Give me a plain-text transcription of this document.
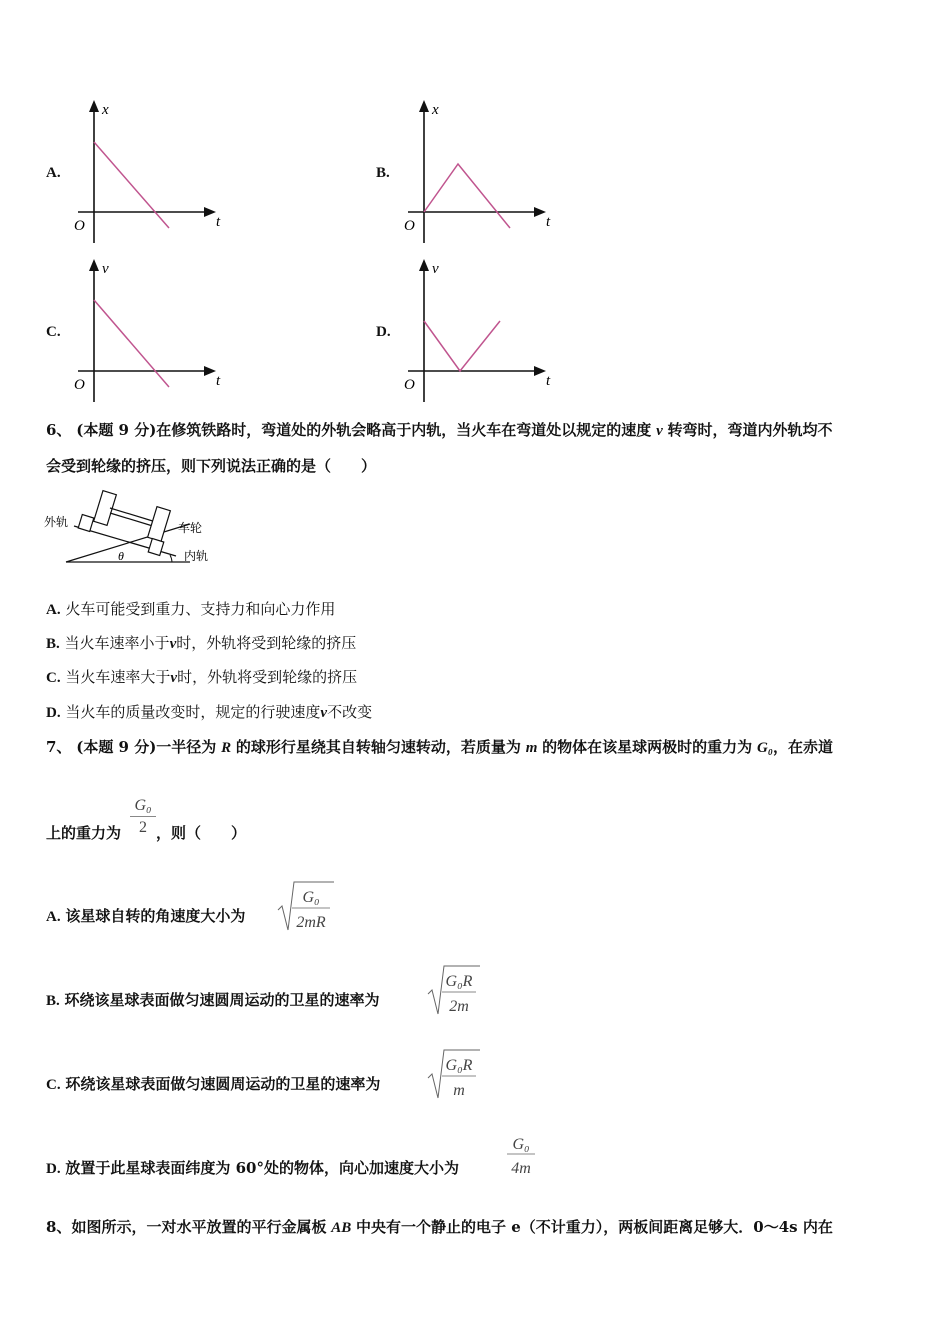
A.
x
t
O
B.
x
t
O
C.
v
t
O
D.
v
t
O
6、 (本题 9 分)在修筑铁路时，弯道处的外轨会略高于内轨，当火车在弯道处以规定的速度 v 转弯时，弯道内外轨均不
会受到轮缘的挤压，则下列说法正确的是（　　）
外轨	车轮
内轨
θ
A. 火车可能受到重力、支持力和向心力作用
B. 当火车速率小于v时，外轨将受到轮缘的挤压
C. 当火车速率大于v时，外轨将受到轮缘的挤压
D. 当火车的质量改变时，规定的行驶速度v不改变
7、 (本题 9 分)一半径为 R 的球形行星绕其自转轴匀速转动，若质量为 m 的物体在该星球两极时的重力为 G₀，在赤道
上的重力为 $\frac{\text{G₀}}{2}$ ，则（　　）
A. 该星球自转的角速度大小为
G₀
2mR
B. 环绕该星球表面做匀速圆周运动的卫星的速率为
G₀R
2m
C. 环绕该星球表面做匀速圆周运动的卫星的速率为
G₀R
m
D. 放置于此星球表面纬度为 60°处的物体，向心加速度大小为
G₀
4m
8、如图所示，一对水平放置的平行金属板 AB 中央有一个静止的电子 e（不计重力），两板间距离足够大．0～4s 内在
